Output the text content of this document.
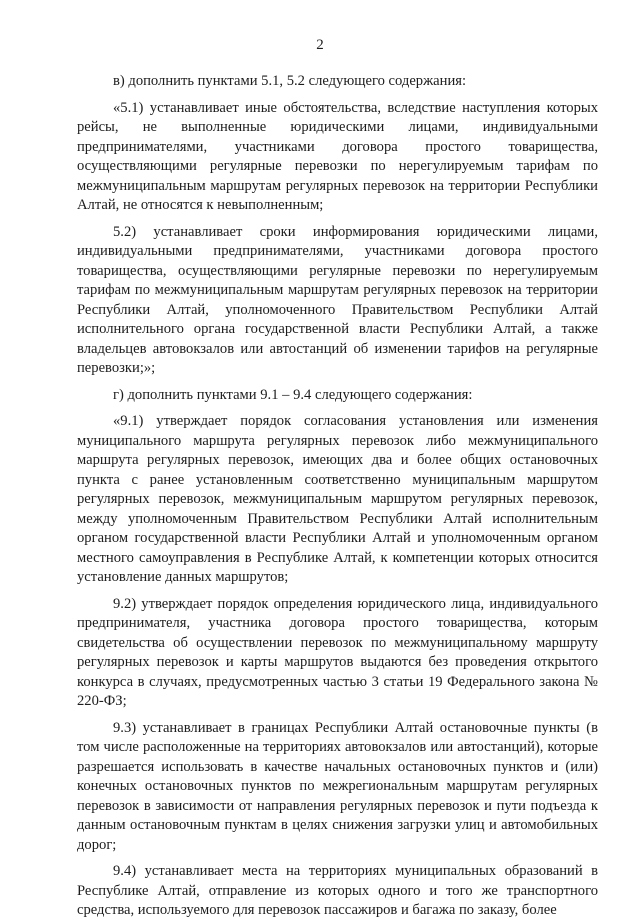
2

в) дополнить пунктами 5.1, 5.2 следующего содержания:

«5.1) устанавливает иные обстоятельства, вследствие наступления которых рейсы, не выполненные юридическими лицами, индивидуальными предпринимателями, участниками договора простого товарищества, осуществляющими регулярные перевозки по нерегулируемым тарифам по межмуниципальным маршрутам регулярных перевозок на территории Республики Алтай, не относятся к невыполненным;

5.2) устанавливает сроки информирования юридическими лицами, индивидуальными предпринимателями, участниками договора простого товарищества, осуществляющими регулярные перевозки по нерегулируемым тарифам по межмуниципальным маршрутам регулярных перевозок на территории Республики Алтай, уполномоченного Правительством Республики Алтай исполнительного органа государственной власти Республики Алтай, а также владельцев автовокзалов или автостанций об изменении тарифов на регулярные перевозки;»;

г) дополнить пунктами 9.1 – 9.4 следующего содержания:

«9.1) утверждает порядок согласования установления или изменения муниципального маршрута регулярных перевозок либо межмуниципального маршрута регулярных перевозок, имеющих два и более общих остановочных пункта с ранее установленным соответственно муниципальным маршрутом регулярных перевозок, межмуниципальным маршрутом регулярных перевозок, между уполномоченным Правительством Республики Алтай исполнительным органом государственной власти Республики Алтай и уполномоченным органом местного самоуправления в Республике Алтай, к компетенции которых относится установление данных маршрутов;

9.2) утверждает порядок определения юридического лица, индивидуального предпринимателя, участника договора простого товарищества, которым свидетельства об осуществлении перевозок по межмуниципальному маршруту регулярных перевозок и карты маршрутов выдаются без проведения открытого конкурса в случаях, предусмотренных частью 3 статьи 19 Федерального закона № 220-ФЗ;

9.3) устанавливает в границах Республики Алтай остановочные пункты (в том числе расположенные на территориях автовокзалов или автостанций), которые разрешается использовать в качестве начальных остановочных пунктов и (или) конечных остановочных пунктов по межрегиональным маршрутам регулярных перевозок в зависимости от направления регулярных перевозок и пути подъезда к данным остановочным пунктам в целях снижения загрузки улиц и автомобильных дорог;

9.4) устанавливает места на территориях муниципальных образований в Республике Алтай, отправление из которых одного и того же транспортного средства, используемого для перевозок пассажиров и багажа по заказу, более
